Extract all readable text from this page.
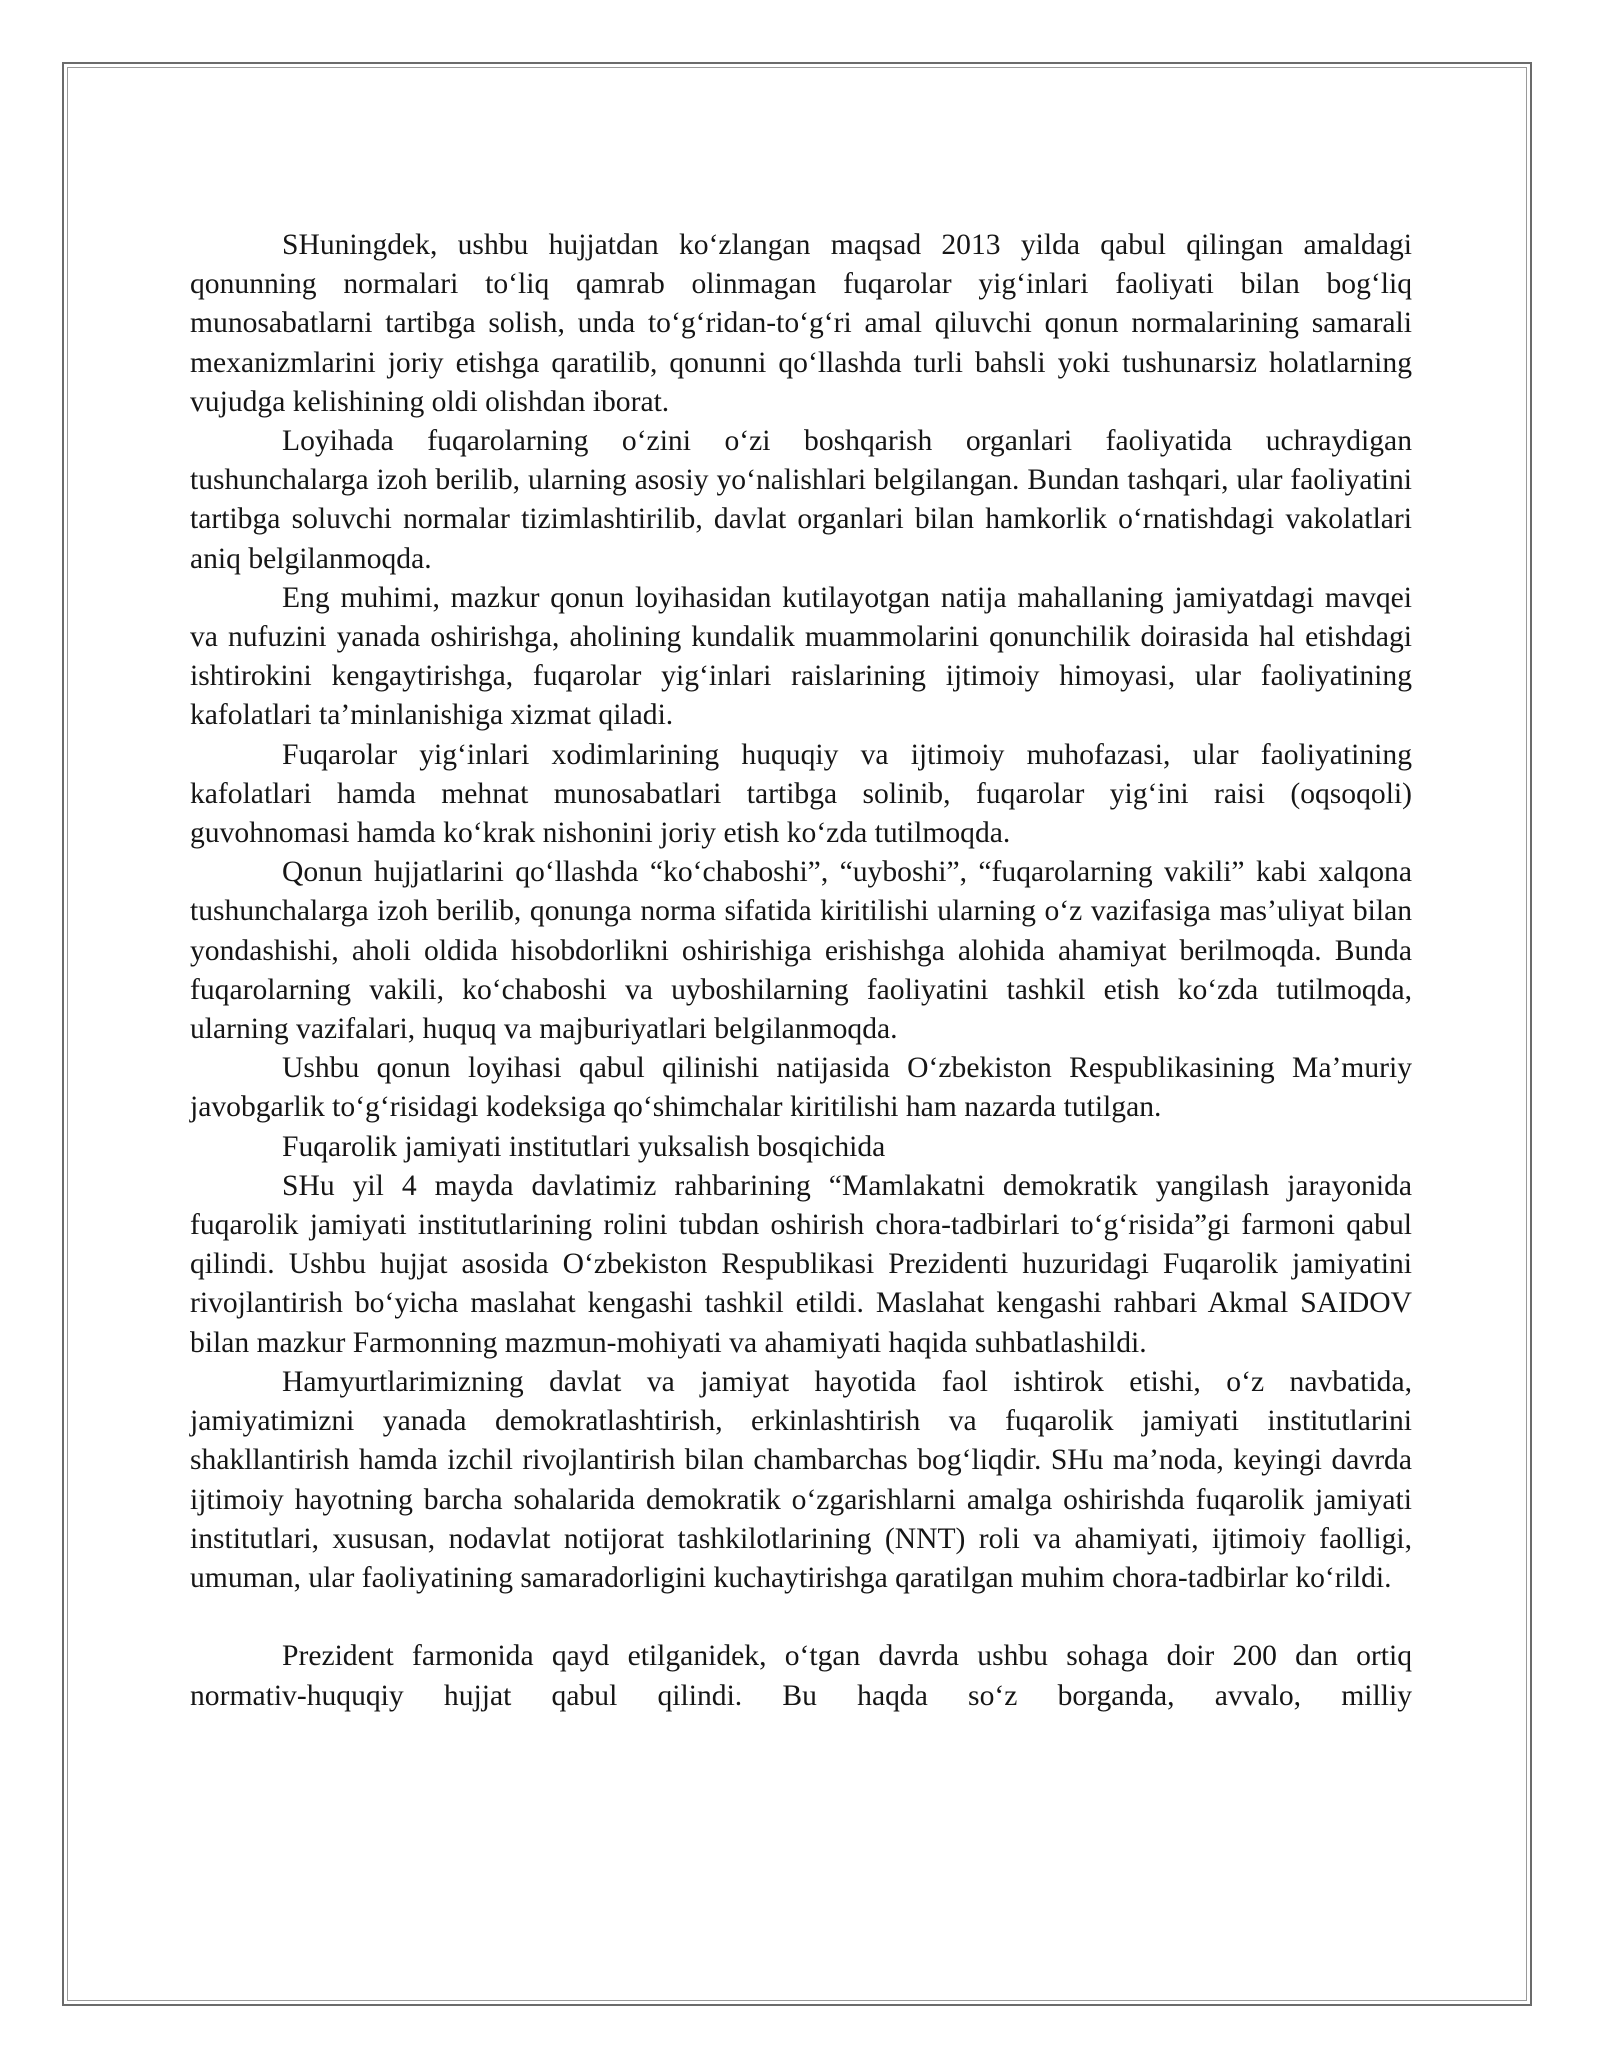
SHuningdek, ushbu hujjatdan ko‘zlangan maqsad 2013 yilda qabul qilingan amaldagi qonunning normalari to‘liq qamrab olinmagan fuqarolar yig‘inlari faoliyati bilan bog‘liq munosabatlarni tartibga solish, unda to‘g‘ridan-to‘g‘ri amal qiluvchi qonun normalarining samarali mexanizmlarini joriy etishga qaratilib, qonunni qo‘llashda turli bahsli yoki tushunarsiz holatlarning vujudga kelishining oldi olishdan iborat.

Loyihada fuqarolarning o‘zini o‘zi boshqarish organlari faoliyatida uchraydigan tushunchalarga izoh berilib, ularning asosiy yo‘nalishlari belgilangan. Bundan tashqari, ular faoliyatini tartibga soluvchi normalar tizimlashtirilib, davlat organlari bilan hamkorlik o‘rnatishdagi vakolatlari aniq belgilanmoqda.

Eng muhimi, mazkur qonun loyihasidan kutilayotgan natija mahallaning jamiyatdagi mavqei va nufuzini yanada oshirishga, aholining kundalik muammolarini qonunchilik doirasida hal etishdagi ishtirokini kengaytirishga, fuqarolar yig‘inlari raislarining ijtimoiy himoyasi, ular faoliyatining kafolatlari ta’minlanishiga xizmat qiladi.

Fuqarolar yig‘inlari xodimlarining huquqiy va ijtimoiy muhofazasi, ular faoliyatining kafolatlari hamda mehnat munosabatlari tartibga solinib, fuqarolar yig‘ini raisi (oqsoqoli) guvohnomasi hamda ko‘krak nishonini joriy etish ko‘zda tutilmoqda.

Qonun hujjatlarini qo‘llashda “ko‘chaboshi”, “uyboshi”, “fuqarolarning vakili” kabi xalqona tushunchalarga izoh berilib, qonunga norma sifatida kiritilishi ularning o‘z vazifasiga mas’uliyat bilan yondashishi, aholi oldida hisobdorlikni oshirishiga erishishga alohida ahamiyat berilmoqda. Bunda fuqarolarning vakili, ko‘chaboshi va uyboshilarning faoliyatini tashkil etish ko‘zda tutilmoqda, ularning vazifalari, huquq va majburiyatlari belgilanmoqda.

Ushbu qonun loyihasi qabul qilinishi natijasida O‘zbekiston Respublikasining Ma’muriy javobgarlik to‘g‘risidagi kodeksiga qo‘shimchalar kiritilishi ham nazarda tutilgan.

Fuqarolik jamiyati institutlari yuksalish bosqichida

SHu yil 4 mayda davlatimiz rahbarining “Mamlakatni demokratik yangilash jarayonida fuqarolik jamiyati institutlarining rolini tubdan oshirish chora-tadbirlari to‘g‘risida”gi farmoni qabul qilindi. Ushbu hujjat asosida O‘zbekiston Respublikasi Prezidenti huzuridagi Fuqarolik jamiyatini rivojlantirish bo‘yicha maslahat kengashi tashkil etildi. Maslahat kengashi rahbari Akmal SAIDOV bilan mazkur Farmonning mazmun-mohiyati va ahamiyati haqida suhbatlashildi.

Hamyurtlarimizning davlat va jamiyat hayotida faol ishtirok etishi, o‘z navbatida, jamiyatimizni yanada demokratlashtirish, erkinlashtirish va fuqarolik jamiyati institutlarini shakllantirish hamda izchil rivojlantirish bilan chambarchas bog‘liqdir. SHu ma’noda, keyingi davrda ijtimoiy hayotning barcha sohalarida demokratik o‘zgarishlarni amalga oshirishda fuqarolik jamiyati institutlari, xususan, nodavlat notijorat tashkilotlarining (NNT) roli va ahamiyati, ijtimoiy faolligi, umuman, ular faoliyatining samaradorligini kuchaytirishga qaratilgan muhim chora-tadbirlar ko‘rildi.

Prezident farmonida qayd etilganidek, o‘tgan davrda ushbu sohaga doir 200 dan ortiq normativ-huquqiy hujjat qabul qilindi. Bu haqda so‘z borganda, avvalo, milliy
